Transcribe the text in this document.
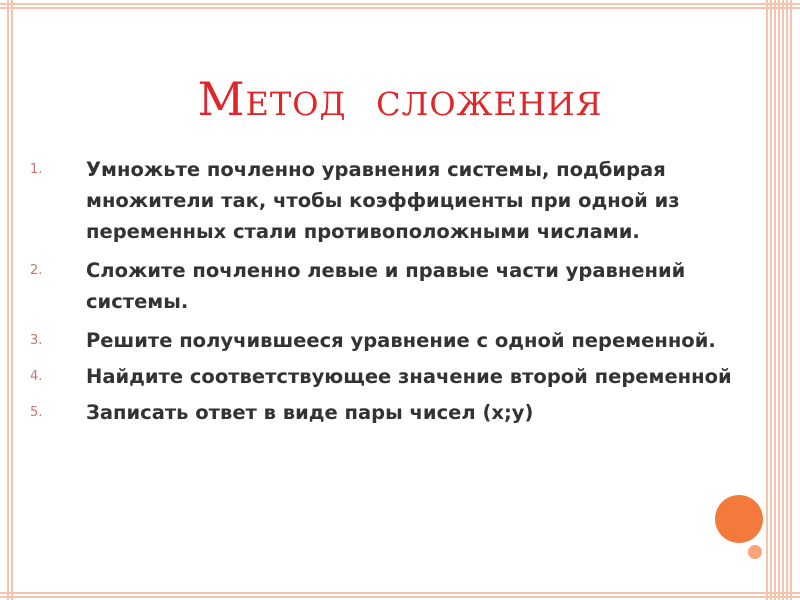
Метод сложения
1.	Умножьте почленно уравнения системы, подбирая множители так, чтобы коэффициенты при одной из переменных стали противоположными числами.
2.	Сложите почленно левые и правые части уравнений системы.
3.	Решите получившееся уравнение с одной переменной.
4.	Найдите соответствующее значение второй переменной
5.	Записать ответ в виде пары чисел (x;y)
